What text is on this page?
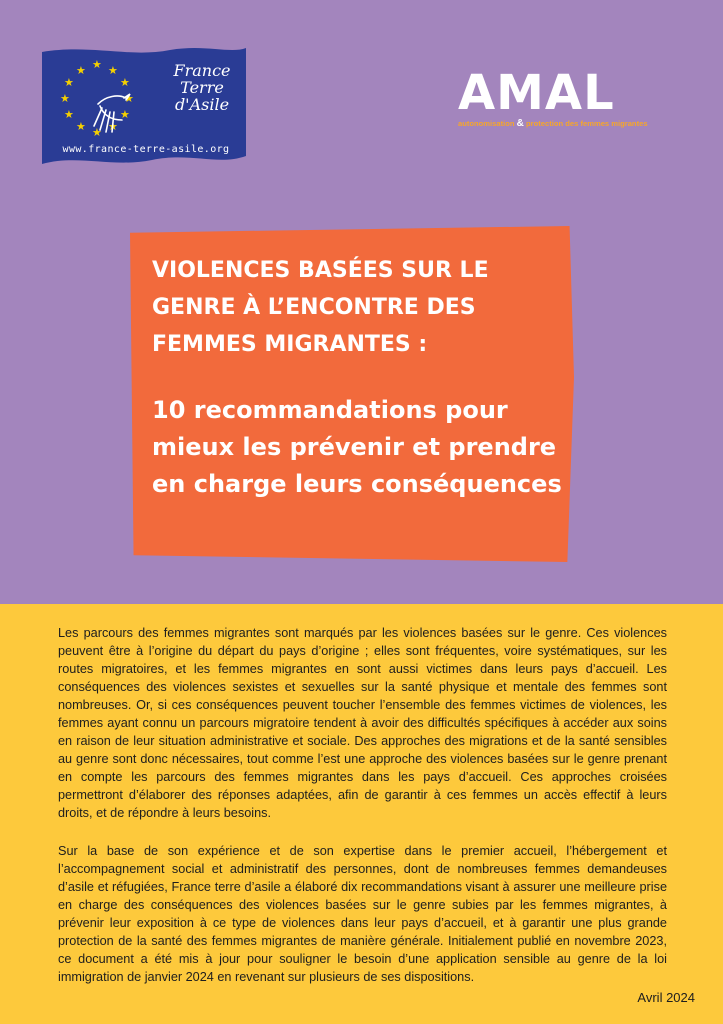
★ ★
★
★
★
★
★
★
★
★
★
★	France Terre d'Asile
www.france-terre-asile.org
AMAL
autonomisation & protection des femmes migrantes
VIOLENCES BASÉES SUR LE GENRE À L’ENCONTRE DES FEMMES MIGRANTES :
10 recommandations pour mieux les prévenir et prendre en charge leurs conséquences

Les parcours des femmes migrantes sont marqués par les violences basées sur le genre. Ces violences peuvent être à l’origine du départ du pays d’origine ; elles sont fréquentes, voire systématiques, sur les routes migratoires, et les femmes migrantes en sont aussi victimes dans leurs pays d’accueil. Les conséquences des violences sexistes et sexuelles sur la santé physique et mentale des femmes sont nombreuses. Or, si ces conséquences peuvent toucher l’ensemble des femmes victimes de violences, les femmes ayant connu un parcours migratoire tendent à avoir des difficultés spécifiques à accéder aux soins en raison de leur situation administrative et sociale. Des approches des migrations et de la santé sensibles au genre sont donc nécessaires, tout comme l’est une approche des violences basées sur le genre prenant en compte les parcours des femmes migrantes dans les pays d’accueil. Ces approches croisées permettront d’élaborer des réponses adaptées, afin de garantir à ces femmes un accès effectif à leurs droits, et de répondre à leurs besoins.

Sur la base de son expérience et de son expertise dans le premier accueil, l’hébergement et l’accompagnement social et administratif des personnes, dont de nombreuses femmes demandeuses d’asile et réfugiées, France terre d’asile a élaboré dix recommandations visant à assurer une meilleure prise en charge des conséquences des violences basées sur le genre subies par les femmes migrantes, à prévenir leur exposition à ce type de violences dans leur pays d’accueil, et à garantir une plus grande protection de la santé des femmes migrantes de manière générale. Initialement publié en novembre 2023, ce document a été mis à jour pour souligner le besoin d’une application sensible au genre de la loi immigration de janvier 2024 en revenant sur plusieurs de ses dispositions.

Avril 2024
